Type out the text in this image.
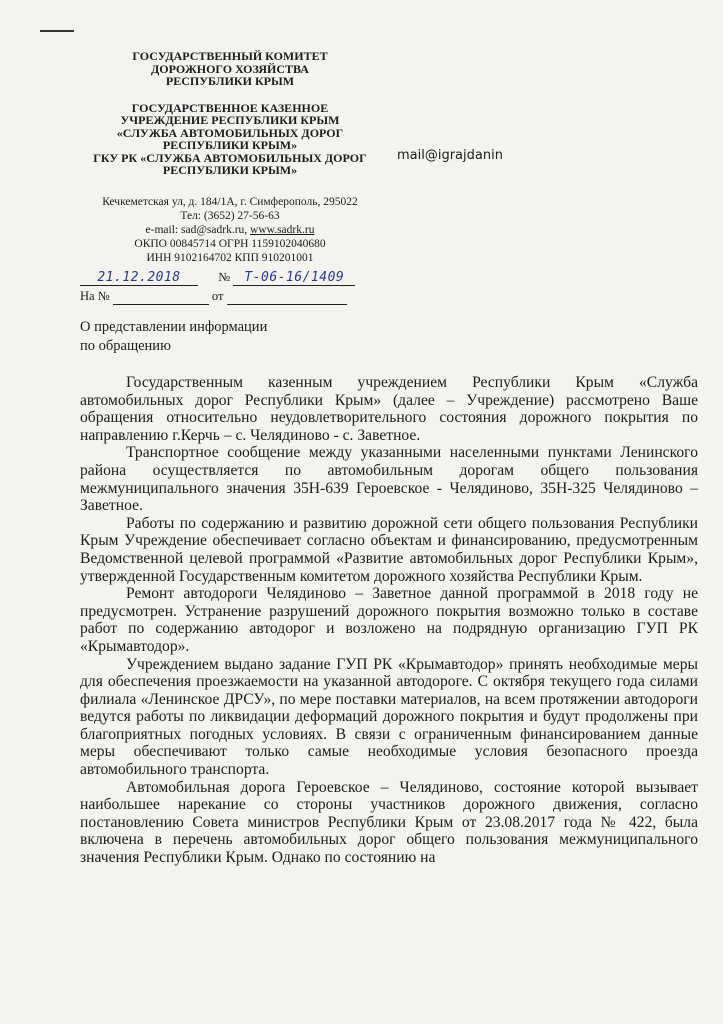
ГОСУДАРСТВЕННЫЙ КОМИТЕТ

ДОРОЖНОГО ХОЗЯЙСТВА

РЕСПУБЛИКИ КРЫМ

ГОСУДАРСТВЕННОЕ КАЗЕННОЕ

УЧРЕЖДЕНИЕ РЕСПУБЛИКИ КРЫМ

«СЛУЖБА АВТОМОБИЛЬНЫХ ДОРОГ

РЕСПУБЛИКИ КРЫМ»

ГКУ РК «СЛУЖБА АВТОМОБИЛЬНЫХ ДОРОГ

РЕСПУБЛИКИ КРЫМ»

mail@igrajdanin

Кечкеметская ул, д. 184/1А, г. Симферополь, 295022

Тел: (3652) 27-56-63

e-mail: sad@sadrk.ru, www.sadrk.ru

ОКПО 00845714 ОГРН 1159102040680

ИНН 9102164702 КПП 910201001

21.12.2018	№ Т-06-16/1409
На №	от

О представлении информации

по обращению

Государственным казенным учреждением Республики Крым «Служба автомобильных дорог Республики Крым» (далее – Учреждение) рассмотрено Ваше обращения относительно неудовлетворительного состояния дорожного покрытия по направлению г.Керчь – с. Челядиново - с. Заветное.

Транспортное сообщение между указанными населенными пунктами Ленинского района осуществляется по автомобильным дорогам общего пользования межмуниципального значения 35Н-639 Героевское - Челядиново, 35Н-325 Челядиново – Заветное.

Работы по содержанию и развитию дорожной сети общего пользования Республики Крым Учреждение обеспечивает согласно объектам и финансированию, предусмотренным Ведомственной целевой программой «Развитие автомобильных дорог Республики Крым», утвержденной Государственным комитетом дорожного хозяйства Республики Крым.

Ремонт автодороги Челядиново – Заветное данной программой в 2018 году не предусмотрен. Устранение разрушений дорожного покрытия возможно только в составе работ по содержанию автодорог и возложено на подрядную организацию ГУП РК «Крымавтодор».

Учреждением выдано задание ГУП РК «Крымавтодор» принять необходимые меры для обеспечения проезжаемости на указанной автодороге. С октября текущего года силами филиала «Ленинское ДРСУ», по мере поставки материалов, на всем протяжении автодороги ведутся работы по ликвидации деформаций дорожного покрытия и будут продолжены при благоприятных погодных условиях. В связи с ограниченным финансированием данные меры обеспечивают только самые необходимые условия безопасного проезда автомобильного транспорта.

Автомобильная дорога Героевское – Челядиново, состояние которой вызывает наибольшее нарекание со стороны участников дорожного движения, согласно постановлению Совета министров Республики Крым от 23.08.2017 года № 422, была включена в перечень автомобильных дорог общего пользования межмуниципального значения Республики Крым. Однако по состоянию на
